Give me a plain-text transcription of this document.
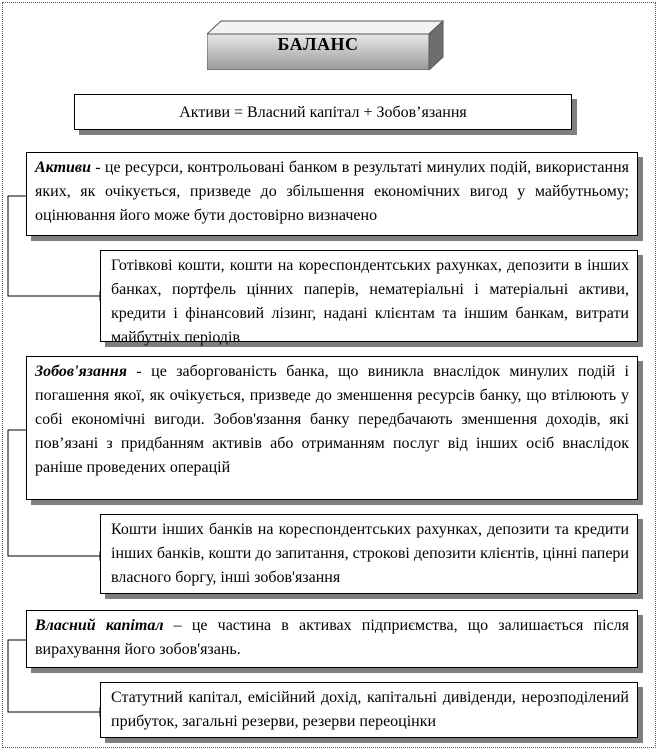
БАЛАНС
Активи = Власний капітал + Зобов’язання
Активи - це ресурси, контрольовані банком в результаті минулих подій, використання яких, як очікується, призведе до збільшення економічних вигод у майбутньому; оцінювання його може бути достовірно визначено
Готівкові кошти, кошти на кореспондентських рахунках, депозити в інших банках, портфель цінних паперів, нематеріальні і матеріальні активи, кредити і фінансовий лізинг, надані клієнтам та іншим банкам, витрати майбутніх періодів
Зобов'язання - це заборгованість банка, що виникла внаслідок минулих подій і погашення якої, як очікується, призведе до зменшення ресурсів банку, що втілюють у собі економічні вигоди. Зобов'язання банку передбачають зменшення доходів, які пов’язані з придбанням активів або отриманням послуг від інших осіб внаслідок раніше проведених операцій
Кошти інших банків на кореспондентських рахунках, депозити та кредити інших банків, кошти до запитання, строкові депозити клієнтів, цінні папери власного боргу, інші зобов'язання
Власний капітал – це частина в активах підприємства, що залишається після вирахування його зобов'язань.
Статутний капітал, емісійний дохід, капітальні дивіденди, нерозподілений прибуток, загальні резерви, резерви переоцінки
